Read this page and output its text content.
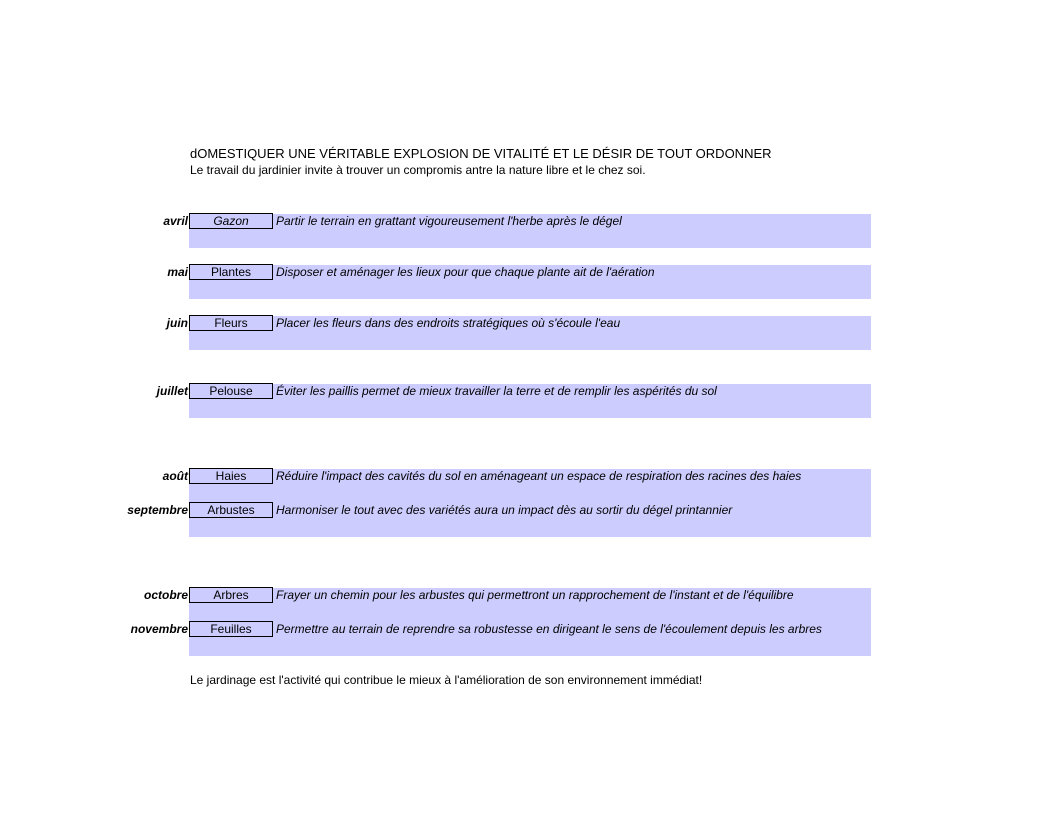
dOMESTIQUER UNE VÉRITABLE EXPLOSION DE VITALITÉ ET LE DÉSIR DE TOUT ORDONNER
Le travail du jardinier invite à trouver un compromis antre la nature libre et le chez soi.
avril	Gazon	Partir le terrain en grattant vigoureusement l'herbe après le dégel
mai	Plantes	Disposer et aménager les lieux pour que chaque plante ait de l'aération
juin	Fleurs	Placer les fleurs dans des endroits stratégiques où s'écoule l'eau
juillet	Pelouse	Éviter les paillis permet de mieux travailler la terre et de remplir les aspérités du sol
août	Haies	Réduire l'impact des cavités du sol en aménageant un espace de respiration des racines des haies
septembre	Arbustes	Harmoniser le tout avec des variétés aura un impact dès au sortir du dégel printannier
octobre	Arbres	Frayer un chemin pour les arbustes qui permettront un rapprochement de l'instant et de l'équilibre
novembre	Feuilles	Permettre au terrain de reprendre sa robustesse en dirigeant le sens de l'écoulement depuis les arbres
Le jardinage est l'activité qui contribue le mieux à l'amélioration de son environnement immédiat!
